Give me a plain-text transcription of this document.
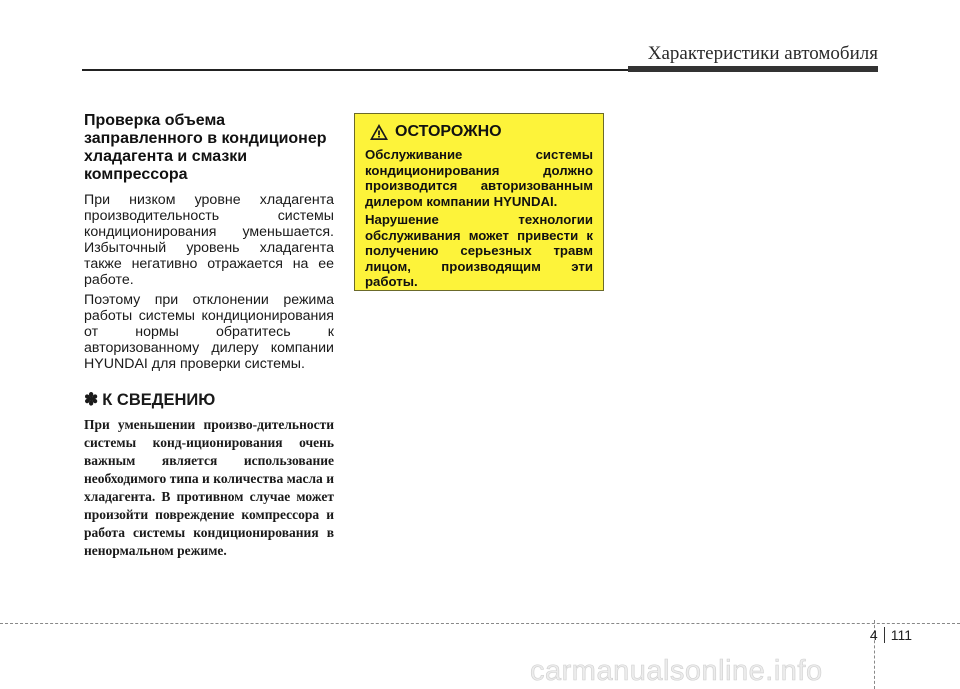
Характеристики автомобиля
Проверка объема заправленного в кондиционер хладагента и смазки компрессора

При низком уровне хладагента производительность системы кондиционирования уменьшается. Избыточный уровень хладагента также негативно отражается на ее работе.

Поэтому при отклонении режима работы системы кондиционирования от нормы обратитесь к авторизованному дилеру компании HYUNDAI для проверки системы.

✽ К СВЕДЕНИЮ
При уменьшении произво-дительности системы конд-иционирования очень важным является использование необходимого типа и количества масла и хладагента. В противном случае может произойти повреждение компрессора и работа системы кондиционирования в ненормальном режиме.
ОСТОРОЖНО

Обслуживание системы кондиционирования должно производится авторизованным дилером компании HYUNDAI.

Нарушение технологии обслуживания может привести к получению серьезных травм лицом, производящим эти работы.

4 111
carmanualsonline.info
